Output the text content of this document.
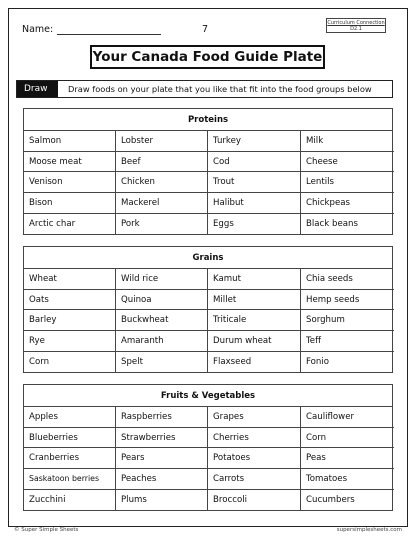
Name:	7
Curriculum Connection
D2.1
Your Canada Food Guide Plate
Draw	Draw foods on your plate that you like that fit into the food groups below
Proteins
Salmon	Lobster	Turkey	Milk
Moose meat	Beef	Cod	Cheese
Venison	Chicken	Trout	Lentils
Bison	Mackerel	Halibut	Chickpeas
Arctic char	Pork	Eggs	Black beans
Grains
Wheat	Wild rice	Kamut	Chia seeds
Oats	Quinoa	Millet	Hemp seeds
Barley	Buckwheat	Triticale	Sorghum
Rye	Amaranth	Durum wheat	Teff
Corn	Spelt	Flaxseed	Fonio
Fruits & Vegetables
Apples	Raspberries	Grapes	Cauliflower
Blueberries	Strawberries	Cherries	Corn
Cranberries	Pears	Potatoes	Peas
Saskatoon berries	Peaches	Carrots	Tomatoes
Zucchini	Plums	Broccoli	Cucumbers
© Super Simple Sheets	supersimplesheets.com
